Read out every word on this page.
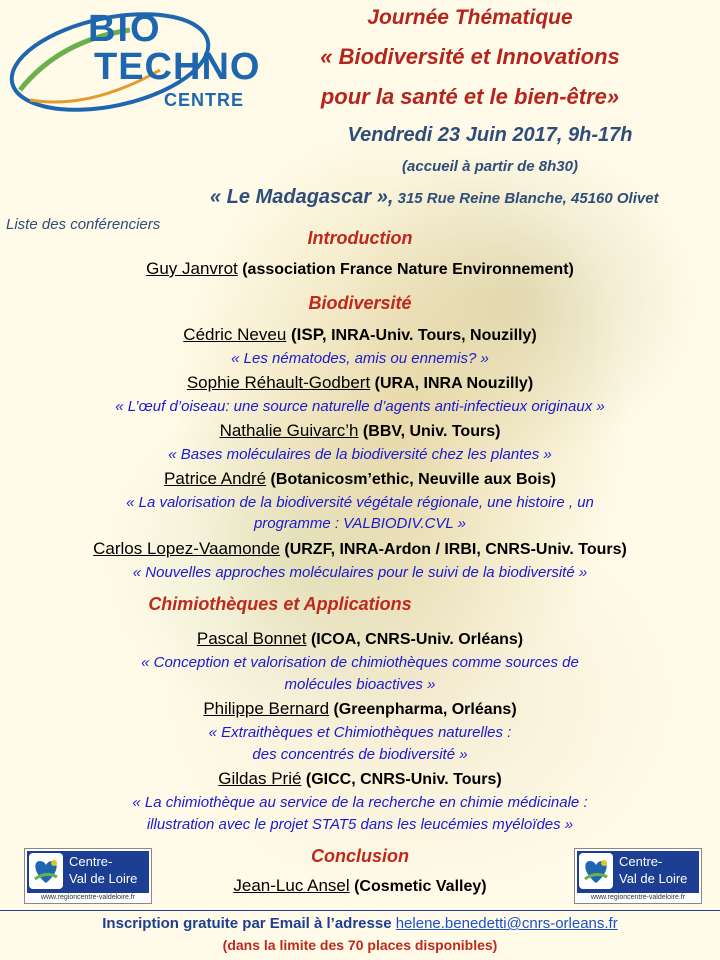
BIO
TECHNO
CENTRE
Journée Thématique
« Biodiversité et Innovations
pour la santé et le bien-être»
Vendredi 23 Juin 2017, 9h-17h
(accueil à partir de 8h30)
« Le Madagascar », 315 Rue Reine Blanche, 45160 Olivet
Liste des conférenciers
Introduction
Guy Janvrot (association France Nature Environnement)
Biodiversité
Cédric Neveu (ISP, INRA-Univ. Tours, Nouzilly)
« Les nématodes, amis ou ennemis? »
Sophie Réhault-Godbert (URA, INRA Nouzilly)
« L’œuf d’oiseau: une source naturelle d’agents anti-infectieux originaux »
Nathalie Guivarc’h (BBV, Univ. Tours)
« Bases moléculaires de la biodiversité chez les plantes »
Patrice André (Botanicosm’ethic, Neuville aux Bois)
« La valorisation de la biodiversité végétale régionale, une histoire , un
programme : VALBIODIV.CVL »
Carlos Lopez-Vaamonde (URZF, INRA-Ardon / IRBI, CNRS-Univ. Tours)
« Nouvelles approches moléculaires pour le suivi de la biodiversité »
Chimiothèques et Applications
Pascal Bonnet (ICOA, CNRS-Univ. Orléans)
« Conception et valorisation de chimiothèques comme sources de
molécules bioactives »
Philippe Bernard (Greenpharma, Orléans)
« Extraithèques et Chimiothèques naturelles :
des concentrés de biodiversité »
Gildas Prié (GICC, CNRS-Univ. Tours)
« La chimiothèque au service de la recherche en chimie médicinale :
illustration avec le projet STAT5 dans les leucémies myéloïdes »
Conclusion
Jean-Luc Ansel (Cosmetic Valley)
Centre-
Val de Loire
www.regioncentre-valdeloire.fr
Centre-
Val de Loire
www.regioncentre-valdeloire.fr
Inscription gratuite par Email à l’adresse helene.benedetti@cnrs-orleans.fr
(dans la limite des 70 places disponibles)
